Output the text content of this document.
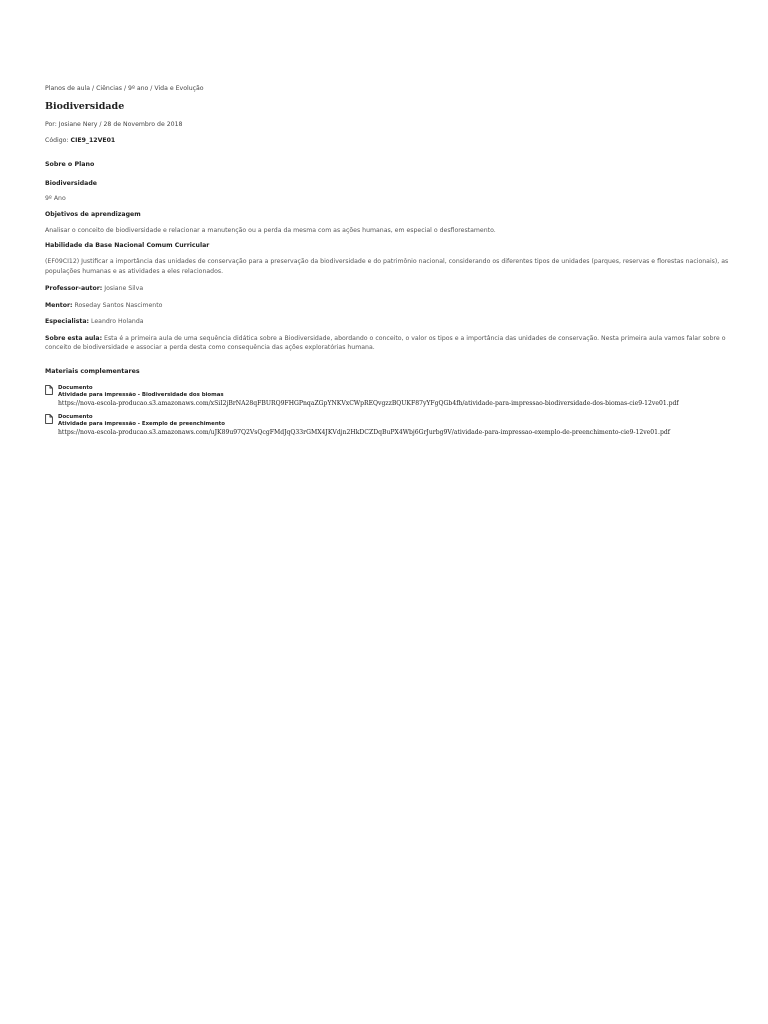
Planos de aula / Ciências / 9º ano / Vida e Evolução
Biodiversidade
Por: Josiane Nery / 28 de Novembro de 2018
Código: CIE9_12VE01
Sobre o Plano
Biodiversidade
9º Ano
Objetivos de aprendizagem
Analisar o conceito de biodiversidade e relacionar a manutenção ou a perda da mesma com as ações humanas, em especial o desflorestamento.
Habilidade da Base Nacional Comum Curricular
(EF09CI12) Justificar a importância das unidades de conservação para a preservação da biodiversidade e do patrimônio nacional, considerando os diferentes tipos de unidades (parques, reservas e florestas nacionais), as populações humanas e as atividades a eles relacionados.
Professor-autor: Josiane Silva
Mentor: Roseday Santos Nascimento
Especialista: Leandro Holanda
Sobre esta aula: Esta é a primeira aula de uma sequência didática sobre a Biodiversidade, abordando o conceito, o valor os tipos e a importância das unidades de conservação. Nesta primeira aula vamos falar sobre o conceito de biodiversidade e associar a perda desta como consequência das ações exploratórias humana.
Materiais complementares
Documento
Atividade para impressão - Biodiversidade dos biomas
https://nova-escola-producao.s3.amazonaws.com/xSiI2jBrNA28qFBURQ9FHGPnqaZGpYNKVxCWpREQvgzzBQUKF87yYFgQGb4fh/atividade-para-impressao-biodiversidade-dos-biomas-cie9-12ve01.pdf
Documento
Atividade para impressão - Exemplo de preenchimento
https://nova-escola-producao.s3.amazonaws.com/uJK89u97Q2VsQcgFMdJqQ33rGMX4JKVdjn2HkDCZDqBuPX4Wbj6GrJurbg9V/atividade-para-impressao-exemplo-de-preenchimento-cie9-12ve01.pdf
